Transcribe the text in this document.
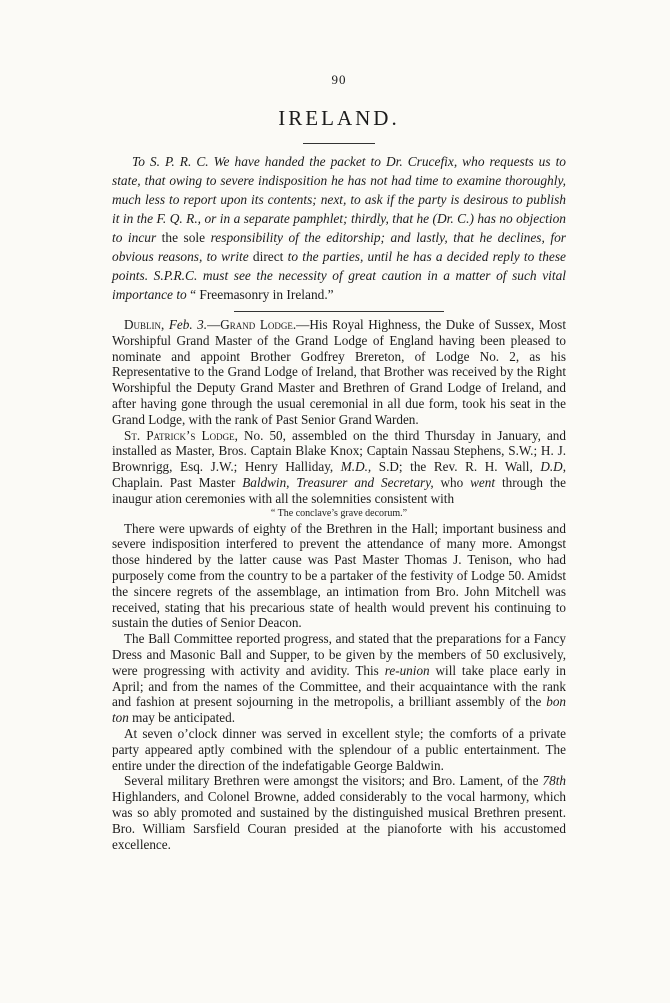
90
IRELAND.

To S. P. R. C. We have handed the packet to Dr. Crucefix, who requests us to state, that owing to severe indisposition he has not had time to examine thoroughly, much less to report upon its contents; next, to ask if the party is desirous to publish it in the F. Q. R., or in a separate pamphlet; thirdly, that he (Dr. C.) has no objection to incur the sole responsibility of the editorship; and lastly, that he declines, for obvious reasons, to write direct to the parties, until he has a decided reply to these points. S.P.R.C. must see the necessity of great caution in a matter of such vital importance to “ Freemasonry in Ireland.”

Dublin, Feb. 3.—Grand Lodge.—His Royal Highness, the Duke of Sussex, Most Worshipful Grand Master of the Grand Lodge of England having been pleased to nominate and appoint Brother Godfrey Brereton, of Lodge No. 2, as his Representative to the Grand Lodge of Ireland, that Brother was received by the Right Worshipful the Deputy Grand Master and Brethren of Grand Lodge of Ireland, and after having gone through the usual ceremonial in all due form, took his seat in the Grand Lodge, with the rank of Past Senior Grand Warden.

St. Patrick’s Lodge, No. 50, assembled on the third Thursday in January, and installed as Master, Bros. Captain Blake Knox; Captain Nassau Stephens, S.W.; H. J. Brownrigg, Esq. J.W.; Henry Halliday, M.D., S.D; the Rev. R. H. Wall, D.D, Chaplain. Past Master Baldwin, Treasurer and Secretary, who went through the inaugur ation ceremonies with all the solemnities consistent with

“ The conclave’s grave decorum.”

There were upwards of eighty of the Brethren in the Hall; important business and severe indisposition interfered to prevent the attendance of many more. Amongst those hindered by the latter cause was Past Master Thomas J. Tenison, who had purposely come from the country to be a partaker of the festivity of Lodge 50. Amidst the sincere regrets of the assemblage, an intimation from Bro. John Mitchell was received, stating that his precarious state of health would prevent his continuing to sustain the duties of Senior Deacon.

The Ball Committee reported progress, and stated that the preparations for a Fancy Dress and Masonic Ball and Supper, to be given by the members of 50 exclusively, were progressing with activity and avidity. This re-union will take place early in April; and from the names of the Committee, and their acquaintance with the rank and fashion at present sojourning in the metropolis, a brilliant assembly of the bon ton may be anticipated.

At seven o’clock dinner was served in excellent style; the comforts of a private party appeared aptly combined with the splendour of a public entertainment. The entire under the direction of the indefatigable George Baldwin.

Several military Brethren were amongst the visitors; and Bro. Lament, of the 78th Highlanders, and Colonel Browne, added considerably to the vocal harmony, which was so ably promoted and sustained by the distinguished musical Brethren present. Bro. William Sarsfield Couran presided at the pianoforte with his accustomed excellence.
